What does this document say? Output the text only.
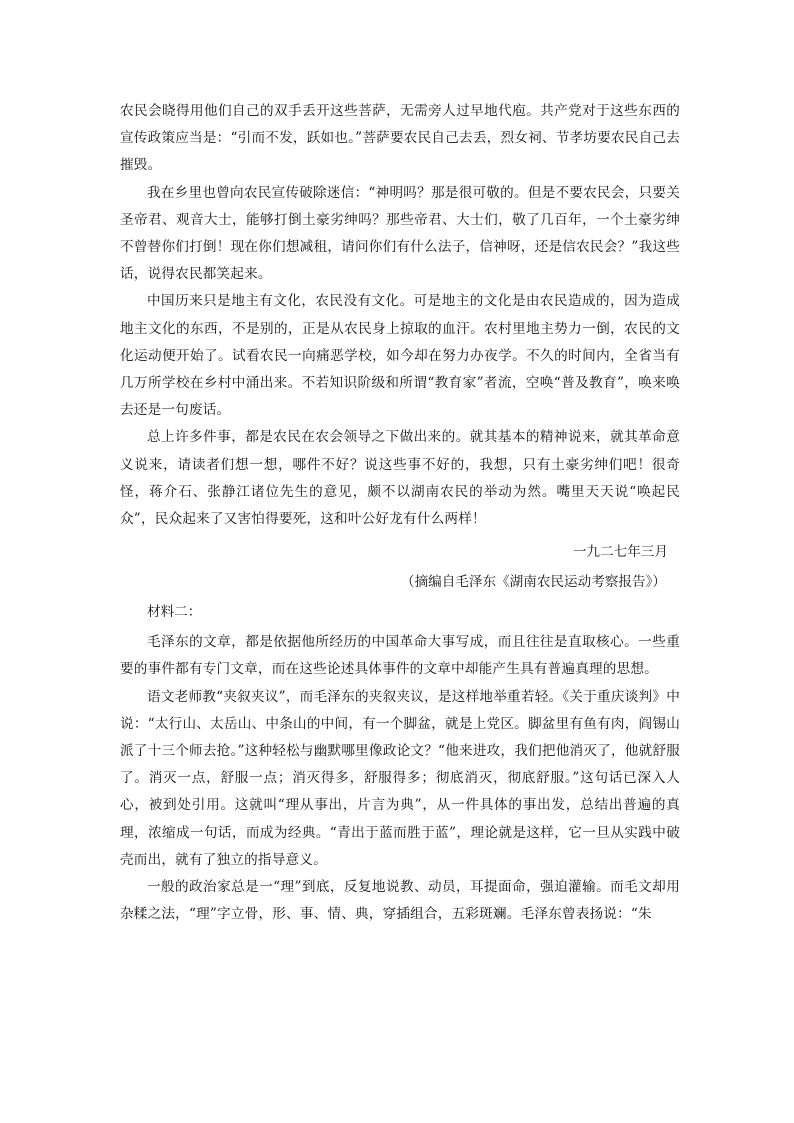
农民会晓得用他们自己的双手丢开这些菩萨，无需旁人过早地代庖。共产党对于这些东西的宣传政策应当是：“引而不发，跃如也。”菩萨要农民自己去丢，烈女祠、节孝坊要农民自己去摧毁。

我在乡里也曾向农民宣传破除迷信：“神明吗？那是很可敬的。但是不要农民会，只要关圣帝君、观音大士，能够打倒土豪劣绅吗？那些帝君、大士们，敬了几百年，一个土豪劣绅不曾替你们打倒！现在你们想减租，请问你们有什么法子，信神呀，还是信农民会？”我这些话，说得农民都笑起来。

中国历来只是地主有文化，农民没有文化。可是地主的文化是由农民造成的，因为造成地主文化的东西，不是别的，正是从农民身上掠取的血汗。农村里地主势力一倒，农民的文化运动便开始了。试看农民一向痛恶学校，如今却在努力办夜学。不久的时间内，全省当有几万所学校在乡村中涌出来。不若知识阶级和所谓“教育家”者流，空唤“普及教育”，唤来唤去还是一句废话。

总上许多件事，都是农民在农会领导之下做出来的。就其基本的精神说来，就其革命意义说来，请读者们想一想，哪件不好？说这些事不好的，我想，只有土豪劣绅们吧！很奇怪，蒋介石、张静江诸位先生的意见，颇不以湖南农民的举动为然。嘴里天天说“唤起民众”，民众起来了又害怕得要死，这和叶公好龙有什么两样！

一九二七年三月

（摘编自毛泽东《湖南农民运动考察报告》）

材料二：

毛泽东的文章，都是依据他所经历的中国革命大事写成，而且往往是直取核心。一些重要的事件都有专门文章，而在这些论述具体事件的文章中却能产生具有普遍真理的思想。

语文老师教“夹叙夹议”，而毛泽东的夹叙夹议，是这样地举重若轻。《关于重庆谈判》中说：“太行山、太岳山、中条山的中间，有一个脚盆，就是上党区。脚盆里有鱼有肉，阎锡山派了十三个师去抢。”这种轻松与幽默哪里像政论文？“他来进攻，我们把他消灭了，他就舒服了。消灭一点，舒服一点；消灭得多，舒服得多；彻底消灭，彻底舒服。”这句话已深入人心，被到处引用。这就叫“理从事出，片言为典”，从一件具体的事出发，总结出普遍的真理，浓缩成一句话，而成为经典。“青出于蓝而胜于蓝”，理论就是这样，它一旦从实践中破壳而出，就有了独立的指导意义。

一般的政治家总是一“理”到底，反复地说教、动员，耳提面命，强迫灌输。而毛文却用杂糅之法，“理”字立骨，形、事、情、典，穿插组合，五彩斑斓。毛泽东曾表扬说：“朱
